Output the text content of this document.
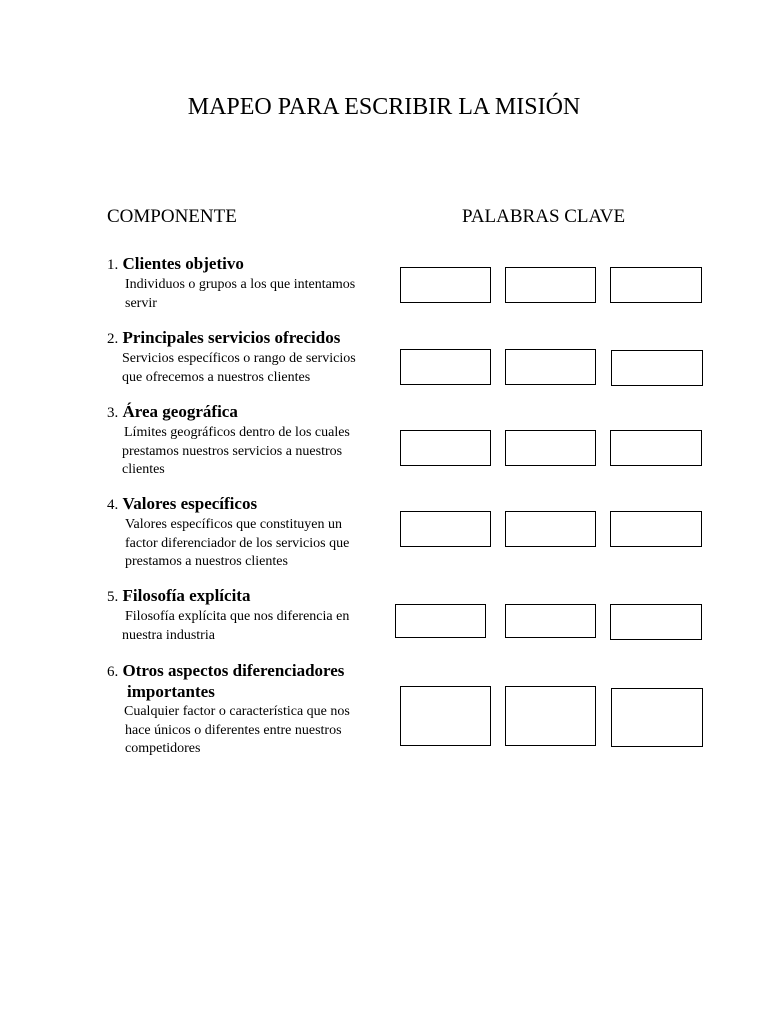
MAPEO PARA ESCRIBIR LA MISIÓN
COMPONENTE	PALABRAS CLAVE
1. Clientes objetivo
Individuos o grupos a los que intentamos
servir
2. Principales servicios ofrecidos
Servicios específicos o rango de servicios
que ofrecemos a nuestros clientes
3. Área geográfica
Límites geográficos dentro de los cuales
prestamos nuestros servicios a nuestros
clientes
4. Valores específicos
Valores específicos que constituyen un
factor diferenciador de los servicios que
prestamos a nuestros clientes
5. Filosofía explícita
Filosofía explícita que nos diferencia en
nuestra industria
6. Otros aspectos diferenciadores
importantes
Cualquier factor o característica que nos
hace únicos o diferentes entre nuestros
competidores
